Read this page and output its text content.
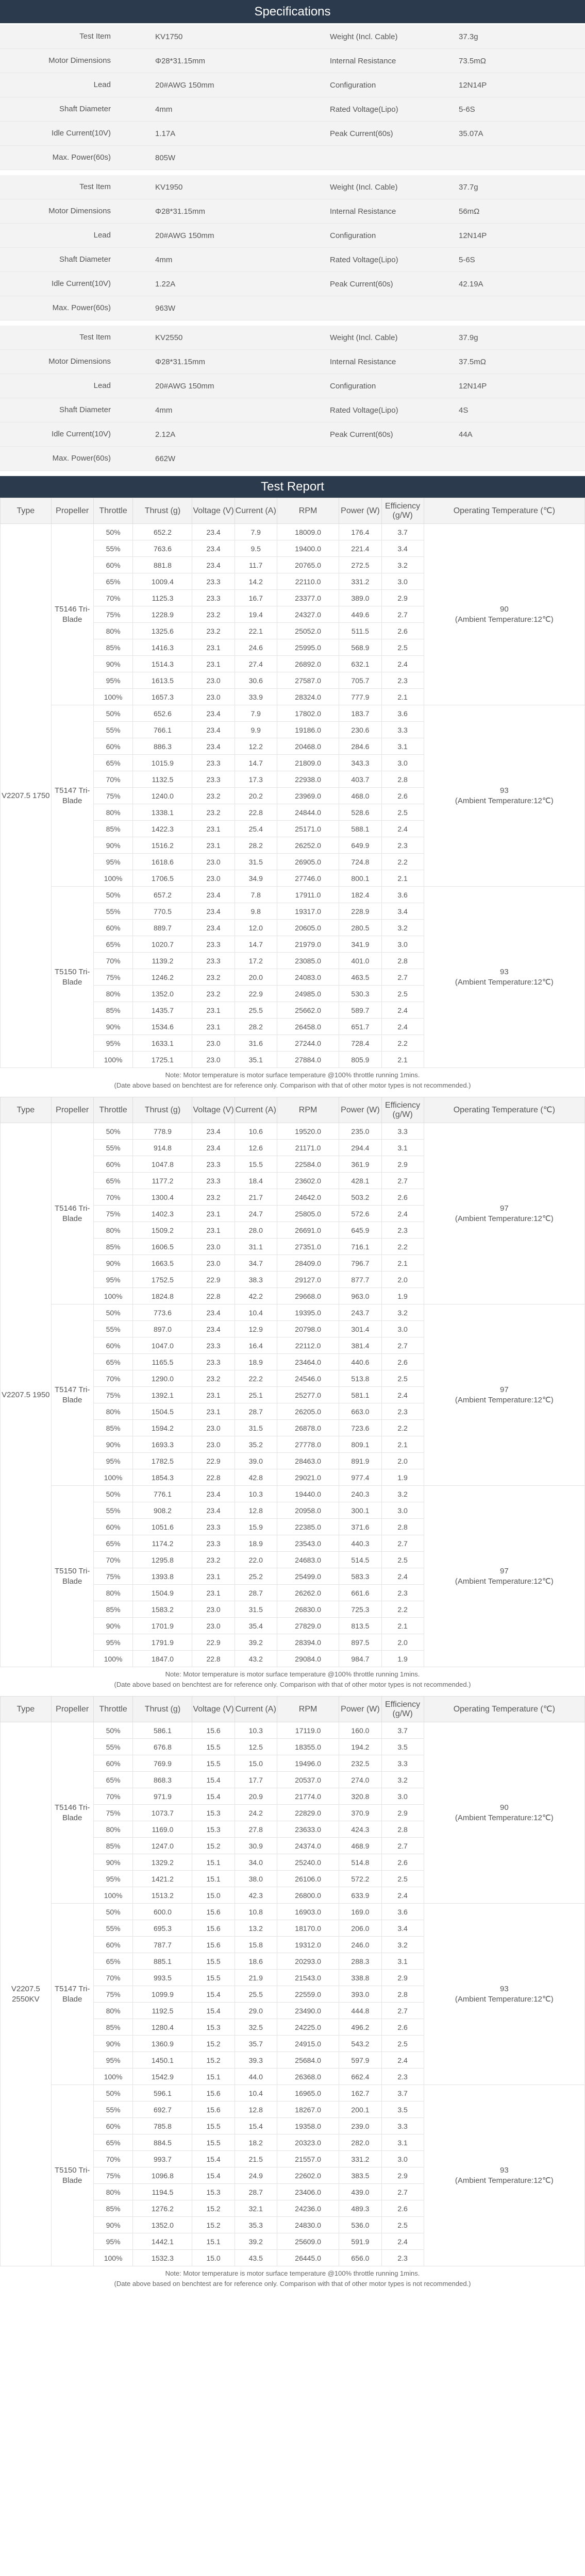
Specifications
Test Item	KV1750	Weight (Incl. Cable)	37.3g
Motor Dimensions	Φ28*31.15mm	Internal Resistance	73.5mΩ
Lead	20#AWG 150mm	Configuration	12N14P
Shaft Diameter	4mm	Rated Voltage(Lipo)	5-6S
Idle Current(10V)	1.17A	Peak Current(60s)	35.07A
Max. Power(60s)	805W
Test Item	KV1950	Weight (Incl. Cable)	37.7g
Motor Dimensions	Φ28*31.15mm	Internal Resistance	56mΩ
Lead	20#AWG 150mm	Configuration	12N14P
Shaft Diameter	4mm	Rated Voltage(Lipo)	5-6S
Idle Current(10V)	1.22A	Peak Current(60s)	42.19A
Max. Power(60s)	963W
Test Item	KV2550	Weight (Incl. Cable)	37.9g
Motor Dimensions	Φ28*31.15mm	Internal Resistance	37.5mΩ
Lead	20#AWG 150mm	Configuration	12N14P
Shaft Diameter	4mm	Rated Voltage(Lipo)	4S
Idle Current(10V)	2.12A	Peak Current(60s)	44A
Max. Power(60s)	662W
Test Report
Type	Propeller	Throttle	Thrust (g)	Voltage (V)	Current (A)	RPM	Power (W)	Efficiency (g/W)	Operating Temperature (℃)
V2207.5 1750	T5146 Tri-Blade	50%	652.2	23.4	7.9	18009.0	176.4	3.7	90
(Ambient Temperature:12℃)

		55%	763.6	23.4	9.5	19400.0	221.4	3.4	
		60%	881.8	23.4	11.7	20765.0	272.5	3.2	
		65%	1009.4	23.3	14.2	22110.0	331.2	3.0	
		70%	1125.3	23.3	16.7	23377.0	389.0	2.9	
		75%	1228.9	23.2	19.4	24327.0	449.6	2.7	
		80%	1325.6	23.2	22.1	25052.0	511.5	2.6	
		85%	1416.3	23.1	24.6	25995.0	568.9	2.5	
		90%	1514.3	23.1	27.4	26892.0	632.1	2.4	
		95%	1613.5	23.0	30.6	27587.0	705.7	2.3	
		100%	1657.3	23.0	33.9	28324.0	777.9	2.1	
	T5147 Tri-Blade	50%	652.6	23.4	7.9	17802.0	183.7	3.6	93
(Ambient Temperature:12℃)

		55%	766.1	23.4	9.9	19186.0	230.6	3.3	
		60%	886.3	23.4	12.2	20468.0	284.6	3.1	
		65%	1015.9	23.3	14.7	21809.0	343.3	3.0	
		70%	1132.5	23.3	17.3	22938.0	403.7	2.8	
		75%	1240.0	23.2	20.2	23969.0	468.0	2.6	
		80%	1338.1	23.2	22.8	24844.0	528.6	2.5	
		85%	1422.3	23.1	25.4	25171.0	588.1	2.4	
		90%	1516.2	23.1	28.2	26252.0	649.9	2.3	
		95%	1618.6	23.0	31.5	26905.0	724.8	2.2	
		100%	1706.5	23.0	34.9	27746.0	800.1	2.1	
	T5150 Tri-Blade	50%	657.2	23.4	7.8	17911.0	182.4	3.6	93
(Ambient Temperature:12℃)

		55%	770.5	23.4	9.8	19317.0	228.9	3.4	
		60%	889.7	23.4	12.0	20605.0	280.5	3.2	
		65%	1020.7	23.3	14.7	21979.0	341.9	3.0	
		70%	1139.2	23.3	17.2	23085.0	401.0	2.8	
		75%	1246.2	23.2	20.0	24083.0	463.5	2.7	
		80%	1352.0	23.2	22.9	24985.0	530.3	2.5	
		85%	1435.7	23.1	25.5	25662.0	589.7	2.4	
		90%	1534.6	23.1	28.2	26458.0	651.7	2.4	
		95%	1633.1	23.0	31.6	27244.0	728.4	2.2	
		100%	1725.1	23.0	35.1	27884.0	805.9	2.1	
Note: Motor temperature is motor surface temperature @100% throttle running 1mins.
(Date above based on benchtest are for reference only. Comparison with that of other motor types is not recommended.)
Type	Propeller	Throttle	Thrust (g)	Voltage (V)	Current (A)	RPM	Power (W)	Efficiency (g/W)	Operating Temperature (℃)
V2207.5 1950	T5146 Tri-Blade	50%	778.9	23.4	10.6	19520.0	235.0	3.3	97
(Ambient Temperature:12℃)

		55%	914.8	23.4	12.6	21171.0	294.4	3.1	
		60%	1047.8	23.3	15.5	22584.0	361.9	2.9	
		65%	1177.2	23.3	18.4	23602.0	428.1	2.7	
		70%	1300.4	23.2	21.7	24642.0	503.2	2.6	
		75%	1402.3	23.1	24.7	25805.0	572.6	2.4	
		80%	1509.2	23.1	28.0	26691.0	645.9	2.3	
		85%	1606.5	23.0	31.1	27351.0	716.1	2.2	
		90%	1663.5	23.0	34.7	28409.0	796.7	2.1	
		95%	1752.5	22.9	38.3	29127.0	877.7	2.0	
		100%	1824.8	22.8	42.2	29668.0	963.0	1.9	
	T5147 Tri-Blade	50%	773.6	23.4	10.4	19395.0	243.7	3.2	97
(Ambient Temperature:12℃)

		55%	897.0	23.4	12.9	20798.0	301.4	3.0	
		60%	1047.0	23.3	16.4	22112.0	381.4	2.7	
		65%	1165.5	23.3	18.9	23464.0	440.6	2.6	
		70%	1290.0	23.2	22.2	24546.0	513.8	2.5	
		75%	1392.1	23.1	25.1	25277.0	581.1	2.4	
		80%	1504.5	23.1	28.7	26205.0	663.0	2.3	
		85%	1594.2	23.0	31.5	26878.0	723.6	2.2	
		90%	1693.3	23.0	35.2	27778.0	809.1	2.1	
		95%	1782.5	22.9	39.0	28463.0	891.9	2.0	
		100%	1854.3	22.8	42.8	29021.0	977.4	1.9	
	T5150 Tri-Blade	50%	776.1	23.4	10.3	19440.0	240.3	3.2	97
(Ambient Temperature:12℃)

		55%	908.2	23.4	12.8	20958.0	300.1	3.0	
		60%	1051.6	23.3	15.9	22385.0	371.6	2.8	
		65%	1174.2	23.3	18.9	23543.0	440.3	2.7	
		70%	1295.8	23.2	22.0	24683.0	514.5	2.5	
		75%	1393.8	23.1	25.2	25499.0	583.3	2.4	
		80%	1504.9	23.1	28.7	26262.0	661.6	2.3	
		85%	1583.2	23.0	31.5	26830.0	725.3	2.2	
		90%	1701.9	23.0	35.4	27829.0	813.5	2.1	
		95%	1791.9	22.9	39.2	28394.0	897.5	2.0	
		100%	1847.0	22.8	43.2	29084.0	984.7	1.9	
Note: Motor temperature is motor surface temperature @100% throttle running 1mins.
(Date above based on benchtest are for reference only. Comparison with that of other motor types is not recommended.)
Type	Propeller	Throttle	Thrust (g)	Voltage (V)	Current (A)	RPM	Power (W)	Efficiency (g/W)	Operating Temperature (℃)
V2207.5 2550KV	T5146 Tri-Blade	50%	586.1	15.6	10.3	17119.0	160.0	3.7	90
(Ambient Temperature:12℃)

		55%	676.8	15.5	12.5	18355.0	194.2	3.5	
		60%	769.9	15.5	15.0	19496.0	232.5	3.3	
		65%	868.3	15.4	17.7	20537.0	274.0	3.2	
		70%	971.9	15.4	20.9	21774.0	320.8	3.0	
		75%	1073.7	15.3	24.2	22829.0	370.9	2.9	
		80%	1169.0	15.3	27.8	23633.0	424.3	2.8	
		85%	1247.0	15.2	30.9	24374.0	468.9	2.7	
		90%	1329.2	15.1	34.0	25240.0	514.8	2.6	
		95%	1421.2	15.1	38.0	26106.0	572.2	2.5	
		100%	1513.2	15.0	42.3	26800.0	633.9	2.4	
	T5147 Tri-Blade	50%	600.0	15.6	10.8	16903.0	169.0	3.6	93
(Ambient Temperature:12℃)

		55%	695.3	15.6	13.2	18170.0	206.0	3.4	
		60%	787.7	15.6	15.8	19312.0	246.0	3.2	
		65%	885.1	15.5	18.6	20293.0	288.3	3.1	
		70%	993.5	15.5	21.9	21543.0	338.8	2.9	
		75%	1099.9	15.4	25.5	22559.0	393.0	2.8	
		80%	1192.5	15.4	29.0	23490.0	444.8	2.7	
		85%	1280.4	15.3	32.5	24225.0	496.2	2.6	
		90%	1360.9	15.2	35.7	24915.0	543.2	2.5	
		95%	1450.1	15.2	39.3	25684.0	597.9	2.4	
		100%	1542.9	15.1	44.0	26368.0	662.4	2.3	
	T5150 Tri-Blade	50%	596.1	15.6	10.4	16965.0	162.7	3.7	93
(Ambient Temperature:12℃)

		55%	692.7	15.6	12.8	18267.0	200.1	3.5	
		60%	785.8	15.5	15.4	19358.0	239.0	3.3	
		65%	884.5	15.5	18.2	20323.0	282.0	3.1	
		70%	993.7	15.4	21.5	21557.0	331.2	3.0	
		75%	1096.8	15.4	24.9	22602.0	383.5	2.9	
		80%	1194.5	15.3	28.7	23406.0	439.0	2.7	
		85%	1276.2	15.2	32.1	24236.0	489.3	2.6	
		90%	1352.0	15.2	35.3	24830.0	536.0	2.5	
		95%	1442.1	15.1	39.2	25609.0	591.9	2.4	
		100%	1532.3	15.0	43.5	26445.0	656.0	2.3	
Note: Motor temperature is motor surface temperature @100% throttle running 1mins.
(Date above based on benchtest are for reference only. Comparison with that of other motor types is not recommended.)
